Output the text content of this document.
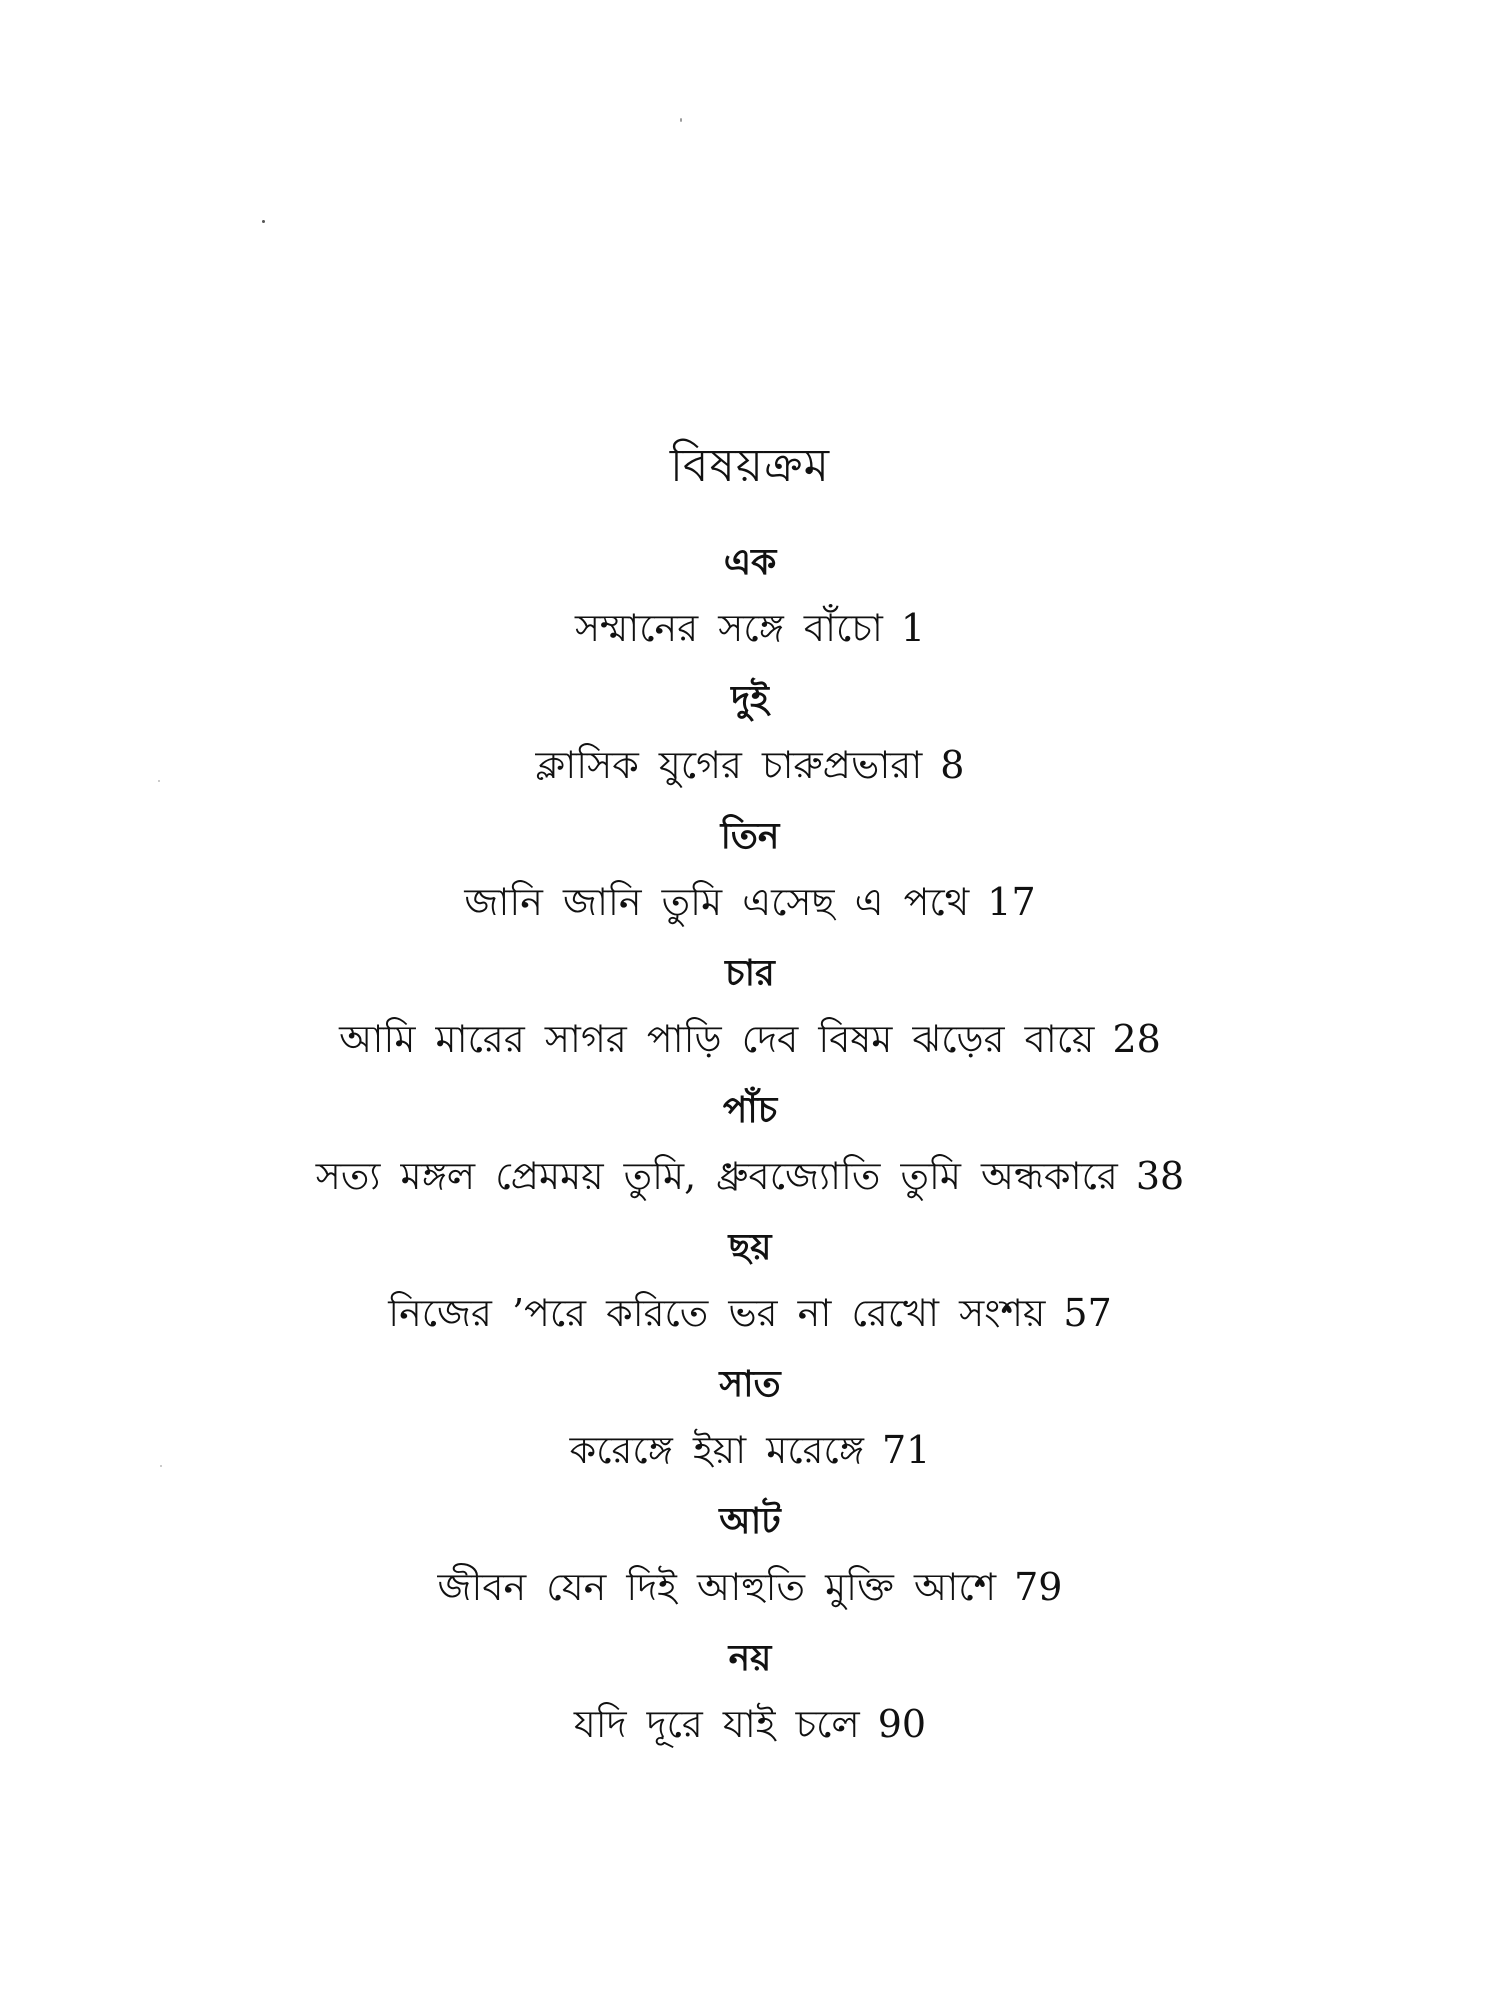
বিষয়ক্রম
এক
সম্মানের সঙ্গে বাঁচো 1
দুই
ক্লাসিক যুগের চারুপ্রভারা 8
তিন
জানি জানি তুমি এসেছ এ পথে 17
চার
আমি মারের সাগর পাড়ি দেব বিষম ঝড়ের বায়ে 28
পাঁচ
সত্য মঙ্গল প্রেমময় তুমি, ধ্রুবজ্যোতি তুমি অন্ধকারে 38
ছয়
নিজের ’পরে করিতে ভর না রেখো সংশয় 57
সাত
করেঙ্গে ইয়া মরেঙ্গে 71
আট
জীবন যেন দিই আহুতি মুক্তি আশে 79
নয়
যদি দূরে যাই চলে 90
